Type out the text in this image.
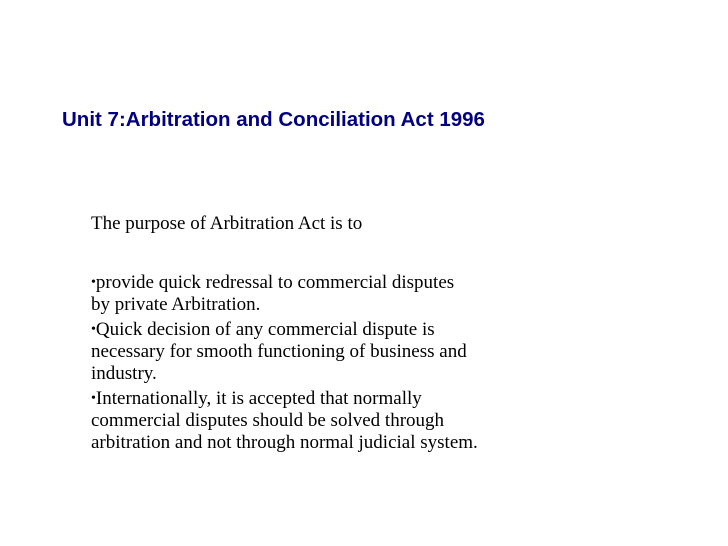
Unit 7:Arbitration and Conciliation Act 1996

The purpose of Arbitration Act is to

•provide quick redressal to commercial disputes
by private Arbitration.
•Quick decision of any commercial dispute is
necessary for smooth functioning of business and
industry.
•Internationally, it is accepted that normally
commercial disputes should be solved through
arbitration and not through normal judicial system.
